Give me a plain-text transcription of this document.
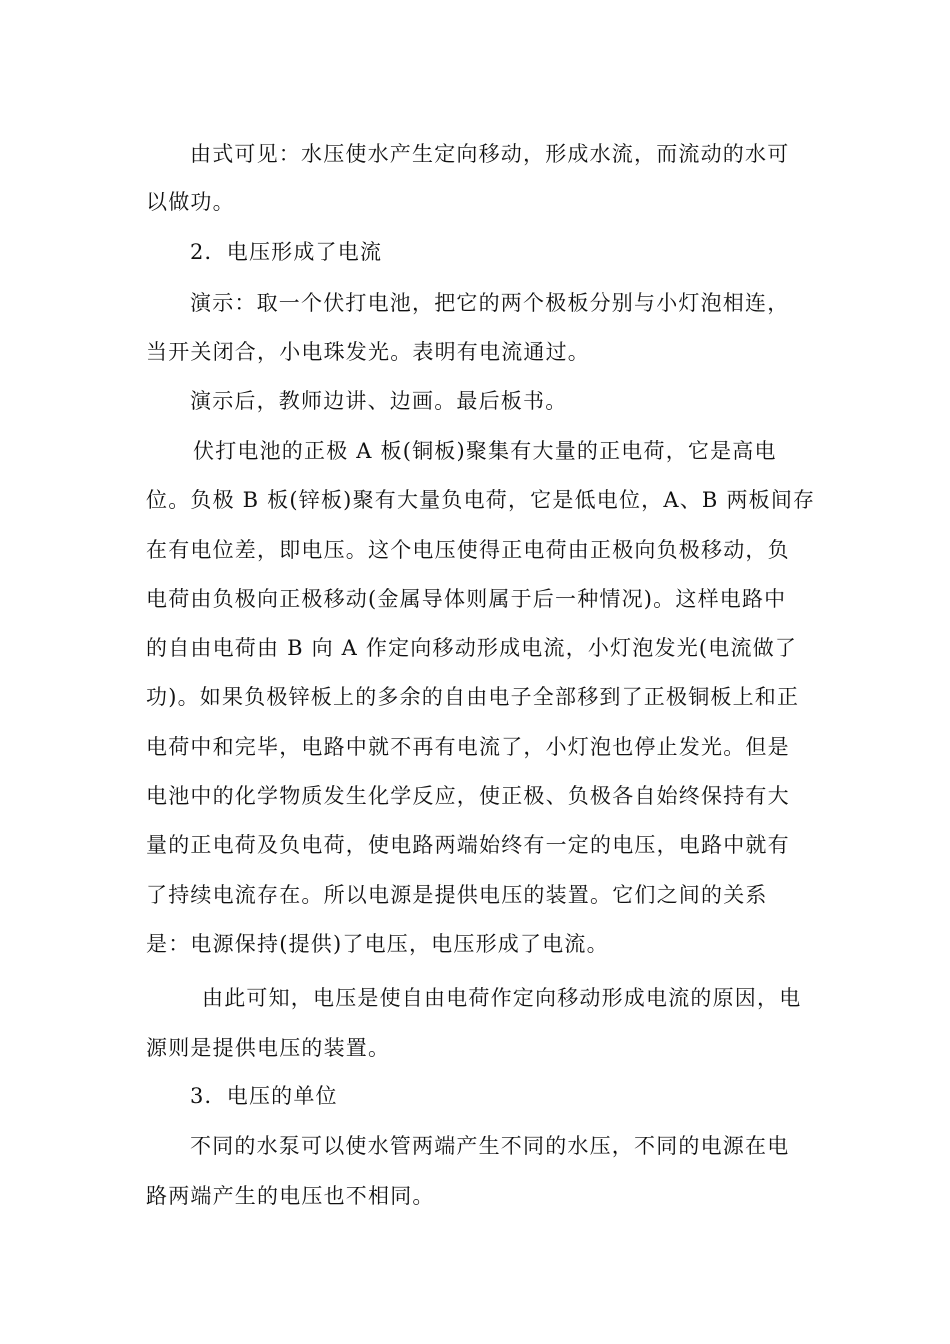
由式可见：水压使水产生定向移动，形成水流，而流动的水可
以做功。
2．电压形成了电流
演示：取一个伏打电池，把它的两个极板分别与小灯泡相连，
当开关闭合，小电珠发光。表明有电流通过。
演示后，教师边讲、边画。最后板书。
伏打电池的正极 A 板(铜板)聚集有大量的正电荷，它是高电
位。负极 B 板(锌板)聚有大量负电荷，它是低电位，A、B 两板间存
在有电位差，即电压。这个电压使得正电荷由正极向负极移动，负
电荷由负极向正极移动(金属导体则属于后一种情况)。这样电路中
的自由电荷由 B 向 A 作定向移动形成电流，小灯泡发光(电流做了
功)。如果负极锌板上的多余的自由电子全部移到了正极铜板上和正
电荷中和完毕，电路中就不再有电流了，小灯泡也停止发光。但是
电池中的化学物质发生化学反应，使正极、负极各自始终保持有大
量的正电荷及负电荷，使电路两端始终有一定的电压，电路中就有
了持续电流存在。所以电源是提供电压的装置。它们之间的关系
是：电源保持(提供)了电压，电压形成了电流。
由此可知，电压是使自由电荷作定向移动形成电流的原因，电
源则是提供电压的装置。
3．电压的单位
不同的水泵可以使水管两端产生不同的水压，不同的电源在电
路两端产生的电压也不相同。
